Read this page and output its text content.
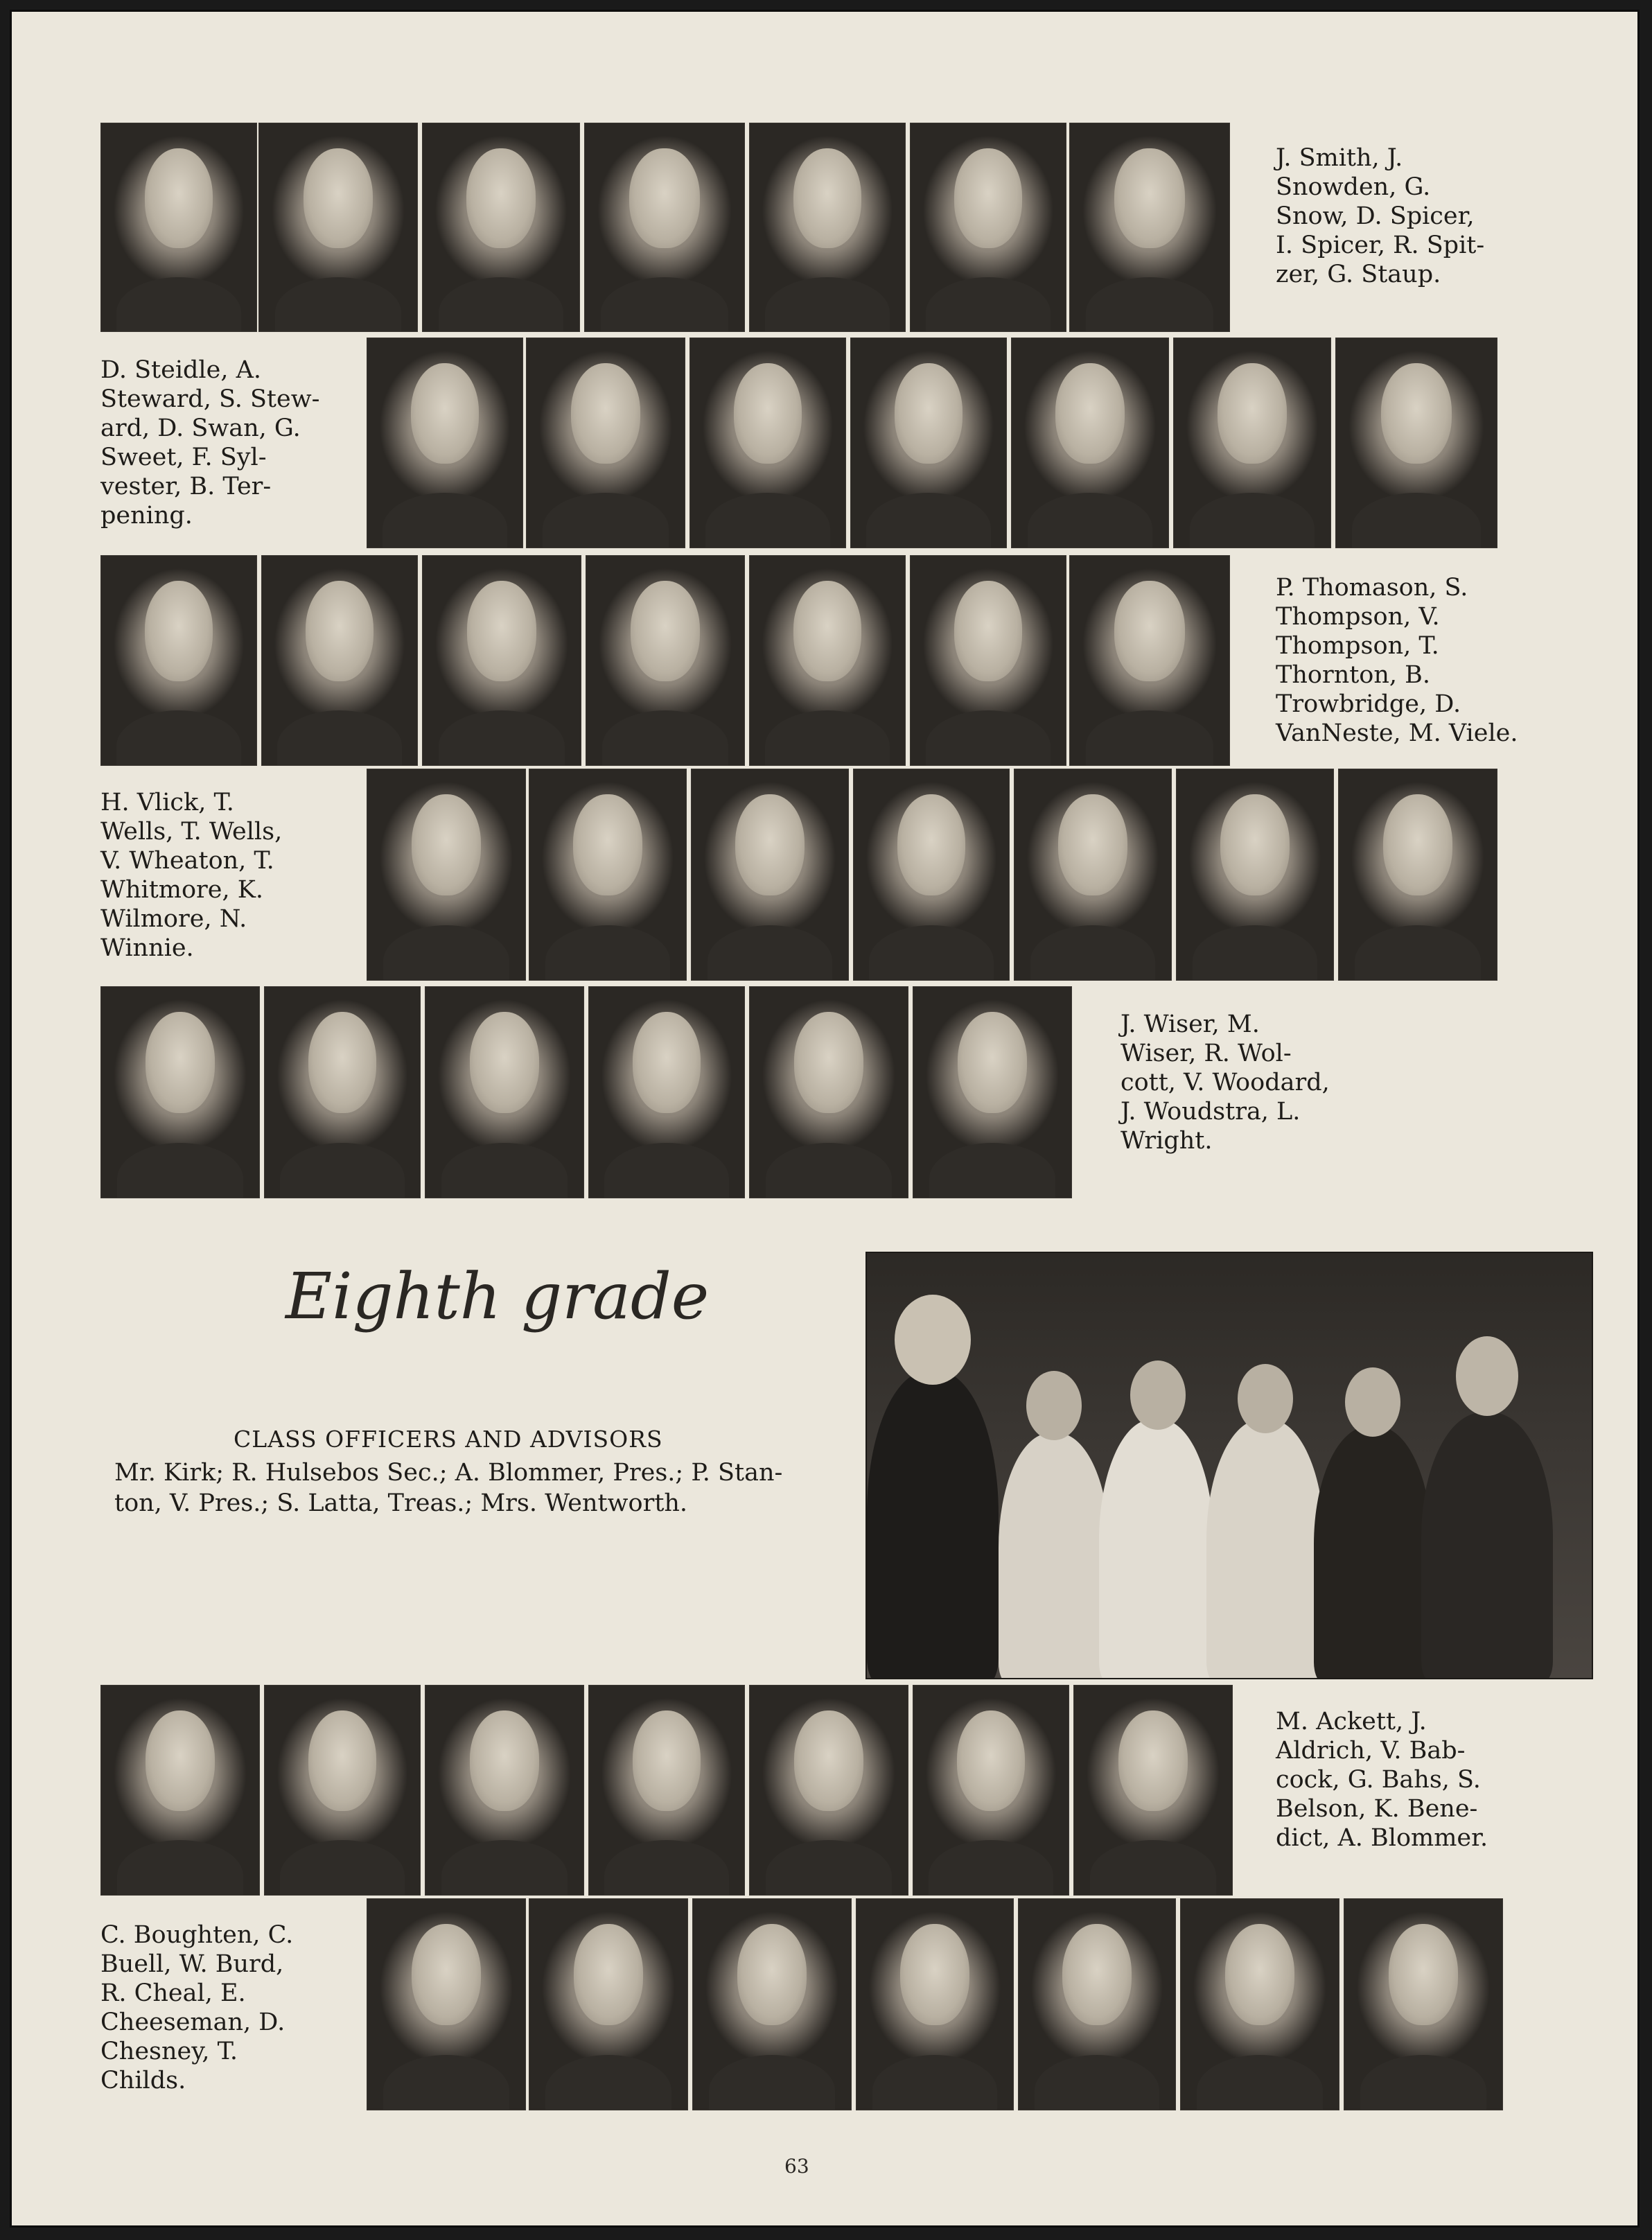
J. Smith, J.
Snowden, G.
Snow, D. Spicer,
I. Spicer, R. Spit-
zer, G. Staup.
D. Steidle, A.
Steward, S. Stew-
ard, D. Swan, G.
Sweet, F. Syl-
vester, B. Ter-
pening.
P. Thomason, S.
Thompson, V.
Thompson, T.
Thornton, B.
Trowbridge, D.
VanNeste, M. Viele.
H. Vlick, T.
Wells, T. Wells,
V. Wheaton, T.
Whitmore, K.
Wilmore, N.
Winnie.
J. Wiser, M.
Wiser, R. Wol-
cott, V. Woodard,
J. Woudstra, L.
Wright.
Eighth grade
CLASS OFFICERS AND ADVISORS
Mr. Kirk; R. Hulsebos Sec.; A. Blommer, Pres.; P. Stan-
ton, V. Pres.; S. Latta, Treas.; Mrs. Wentworth.
M. Ackett, J.
Aldrich, V. Bab-
cock, G. Bahs, S.
Belson, K. Bene-
dict, A. Blommer.
C. Boughten, C.
Buell, W. Burd,
R. Cheal, E.
Cheeseman, D.
Chesney, T.
Childs.
63
